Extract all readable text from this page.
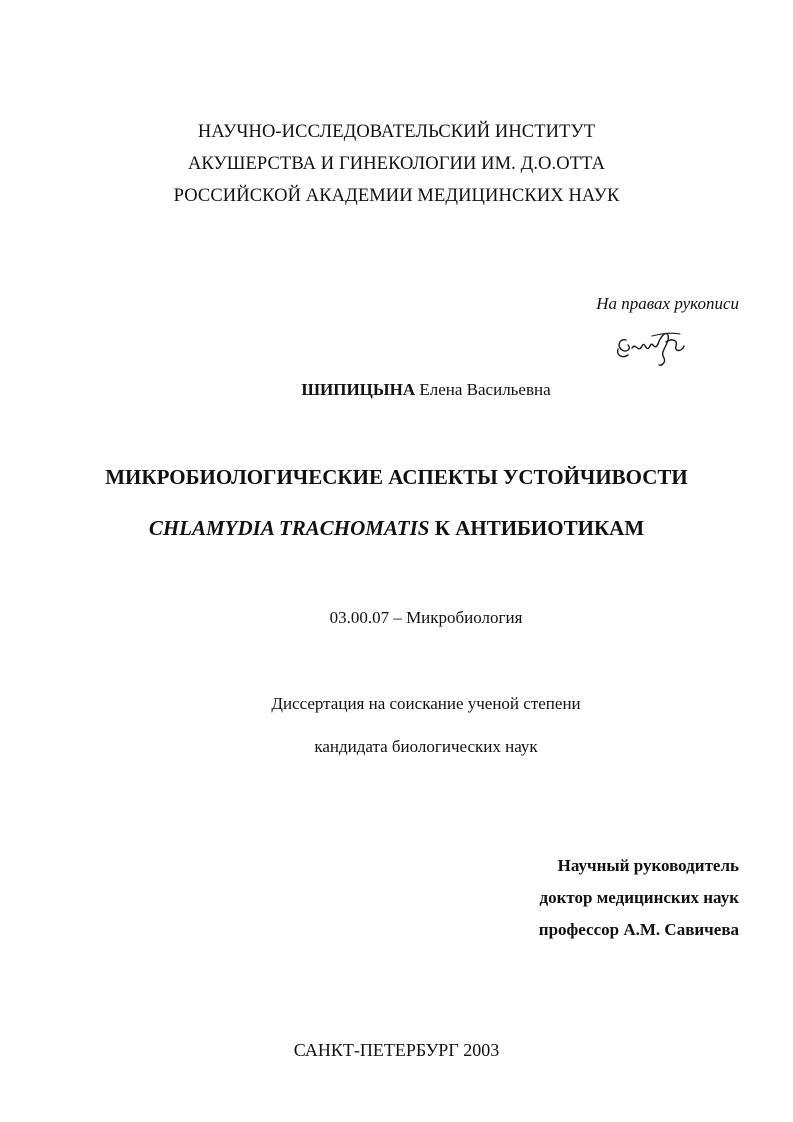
НАУЧНО-ИССЛЕДОВАТЕЛЬСКИЙ ИНСТИТУТ
АКУШЕРСТВА И ГИНЕКОЛОГИИ ИМ. Д.О.ОТТА
РОССИЙСКОЙ АКАДЕМИИ МЕДИЦИНСКИХ НАУК
На правах рукописи
ШИПИЦЫНА Елена Васильевна
МИКРОБИОЛОГИЧЕСКИЕ АСПЕКТЫ УСТОЙЧИВОСТИ
CHLAMYDIA TRACHOMATIS К АНТИБИОТИКАМ
03.00.07 – Микробиология
Диссертация на соискание ученой степени
кандидата биологических наук
Научный руководитель
доктор медицинских наук
профессор А.М. Савичева
САНКТ-ПЕТЕРБУРГ 2003
